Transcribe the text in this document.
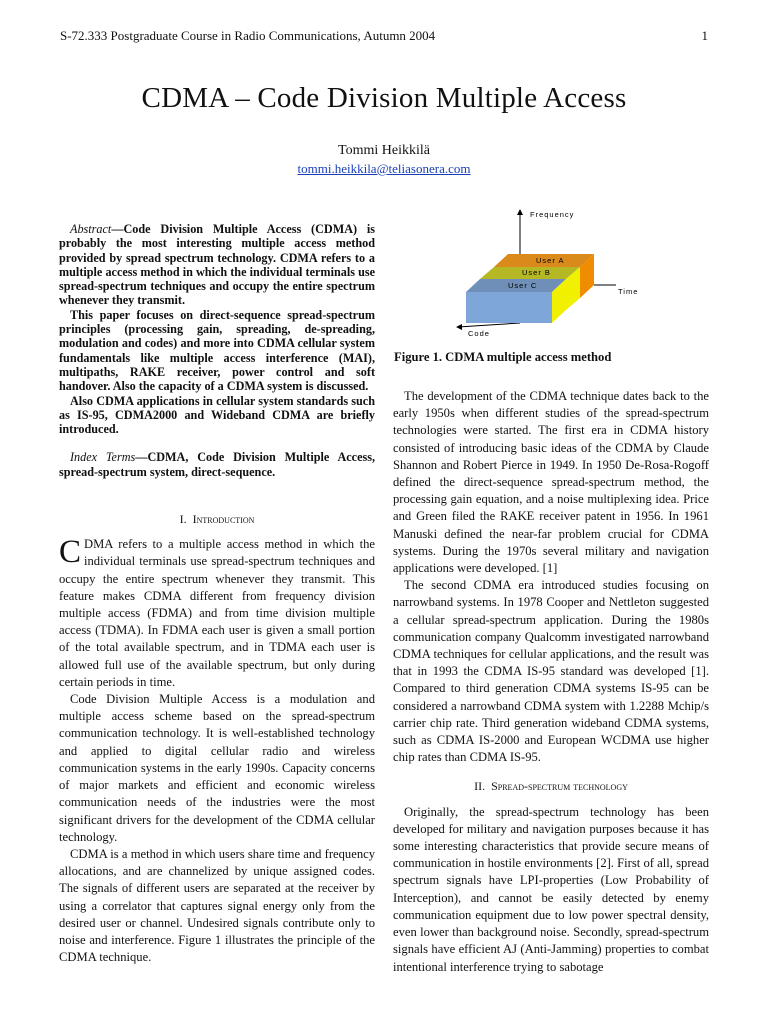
S-72.333 Postgraduate Course in Radio Communications, Autumn 2004	1
CDMA – Code Division Multiple Access
Tommi Heikkilä
tommi.heikkila@teliasonera.com

Abstract—Code Division Multiple Access (CDMA) is probably the most interesting multiple access method provided by spread spectrum technology. CDMA refers to a multiple access method in which the individual terminals use spread-spectrum techniques and occupy the entire spectrum whenever they transmit.

This paper focuses on direct-sequence spread-spectrum principles (processing gain, spreading, de-spreading, modulation and codes) and more into CDMA cellular system fundamentals like multiple access interference (MAI), multipaths, RAKE receiver, power control and soft handover. Also the capacity of a CDMA system is discussed.

Also CDMA applications in cellular system standards such as IS-95, CDMA2000 and Wideband CDMA are briefly introduced.

Index Terms—CDMA, Code Division Multiple Access, spread-spectrum system, direct-sequence.

I. Introduction

CDMA refers to a multiple access method in which the individual terminals use spread-spectrum techniques and occupy the entire spectrum whenever they transmit. This feature makes CDMA different from frequency division multiple access (FDMA) and from time division multiple access (TDMA). In FDMA each user is given a small portion of the total available spectrum, and in TDMA each user is allowed full use of the available spectrum, but only during certain periods in time.

Code Division Multiple Access is a modulation and multiple access scheme based on the spread-spectrum communication technology. It is well-established technology and applied to digital cellular radio and wireless communication systems in the early 1990s. Capacity concerns of major markets and efficient and economic wireless communication needs of the industries were the most significant drivers for the development of the CDMA cellular technology.

CDMA is a method in which users share time and frequency allocations, and are channelized by unique assigned codes. The signals of different users are separated at the receiver by using a correlator that captures signal energy only from the desired user or channel. Undesired signals contribute only to noise and interference. Figure 1 illustrates the principle of the CDMA technique.

Frequency
Time
Code
User A
User B
User C
Figure 1. CDMA multiple access method

The development of the CDMA technique dates back to the early 1950s when different studies of the spread-spectrum technologies were started. The first era in CDMA history consisted of introducing basic ideas of the CDMA by Claude Shannon and Robert Pierce in 1949. In 1950 De-Rosa-Rogoff defined the direct-sequence spread-spectrum method, the processing gain equation, and a noise multiplexing idea. Price and Green filed the RAKE receiver patent in 1956. In 1961 Manuski defined the near-far problem crucial for CDMA systems. During the 1970s several military and navigation applications were developed. [1]

The second CDMA era introduced studies focusing on narrowband systems. In 1978 Cooper and Nettleton suggested a cellular spread-spectrum application. During the 1980s communication company Qualcomm investigated narrowband CDMA techniques for cellular applications, and the result was that in 1993 the CDMA IS-95 standard was developed [1]. Compared to third generation CDMA systems IS-95 can be considered a narrowband CDMA system with 1.2288 Mchip/s carrier chip rate. Third generation wideband CDMA systems, such as CDMA IS-2000 and European WCDMA use higher chip rates than CDMA IS-95.

II. Spread-spectrum technology

Originally, the spread-spectrum technology has been developed for military and navigation purposes because it has some interesting characteristics that provide secure means of communication in hostile environments [2]. First of all, spread spectrum signals have LPI-properties (Low Probability of Interception), and cannot be easily detected by enemy communication equipment due to low power spectral density, even lower than background noise. Secondly, spread-spectrum signals have efficient AJ (Anti-Jamming) properties to combat intentional interference trying to sabotage
